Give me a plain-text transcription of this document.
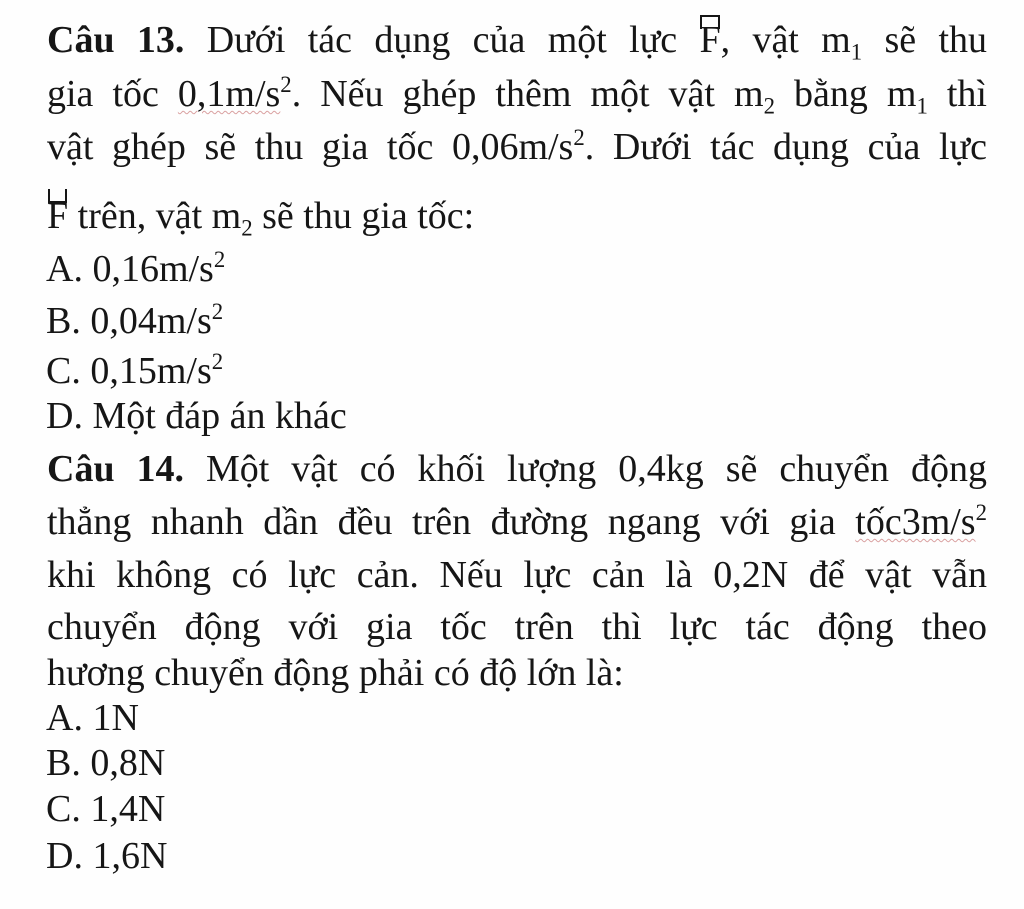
Câu 13. Dưới tác dụng của một lực
F, vật $m_1$ sẽ thu
gia tốc $0,1m/s^2$. Nếu ghép thêm một vật $m_2$ bằng $m_1$ thì
vật ghép sẽ thu gia tốc $0,06m/s^2$. Dưới tác dụng của lực
F trên, vật $m_2$ sẽ thu gia tốc:
A. $0,16m/s^2$
B. $0,04m/s^2$
C. $0,15m/s^2$
D. Một đáp án khác
Câu 14. Một vật có khối lượng 0,4kg sẽ chuyển động
thẳng nhanh dần đều trên đường ngang với gia $tốc3m/s^2$
khi không có lực cản. Nếu lực cản là 0,2N để vật vẫn
chuyển động với gia tốc trên thì lực tác động theo
hương chuyển động phải có độ lớn là:
A. 1N
B. 0,8N
C. 1,4N
D. 1,6N
